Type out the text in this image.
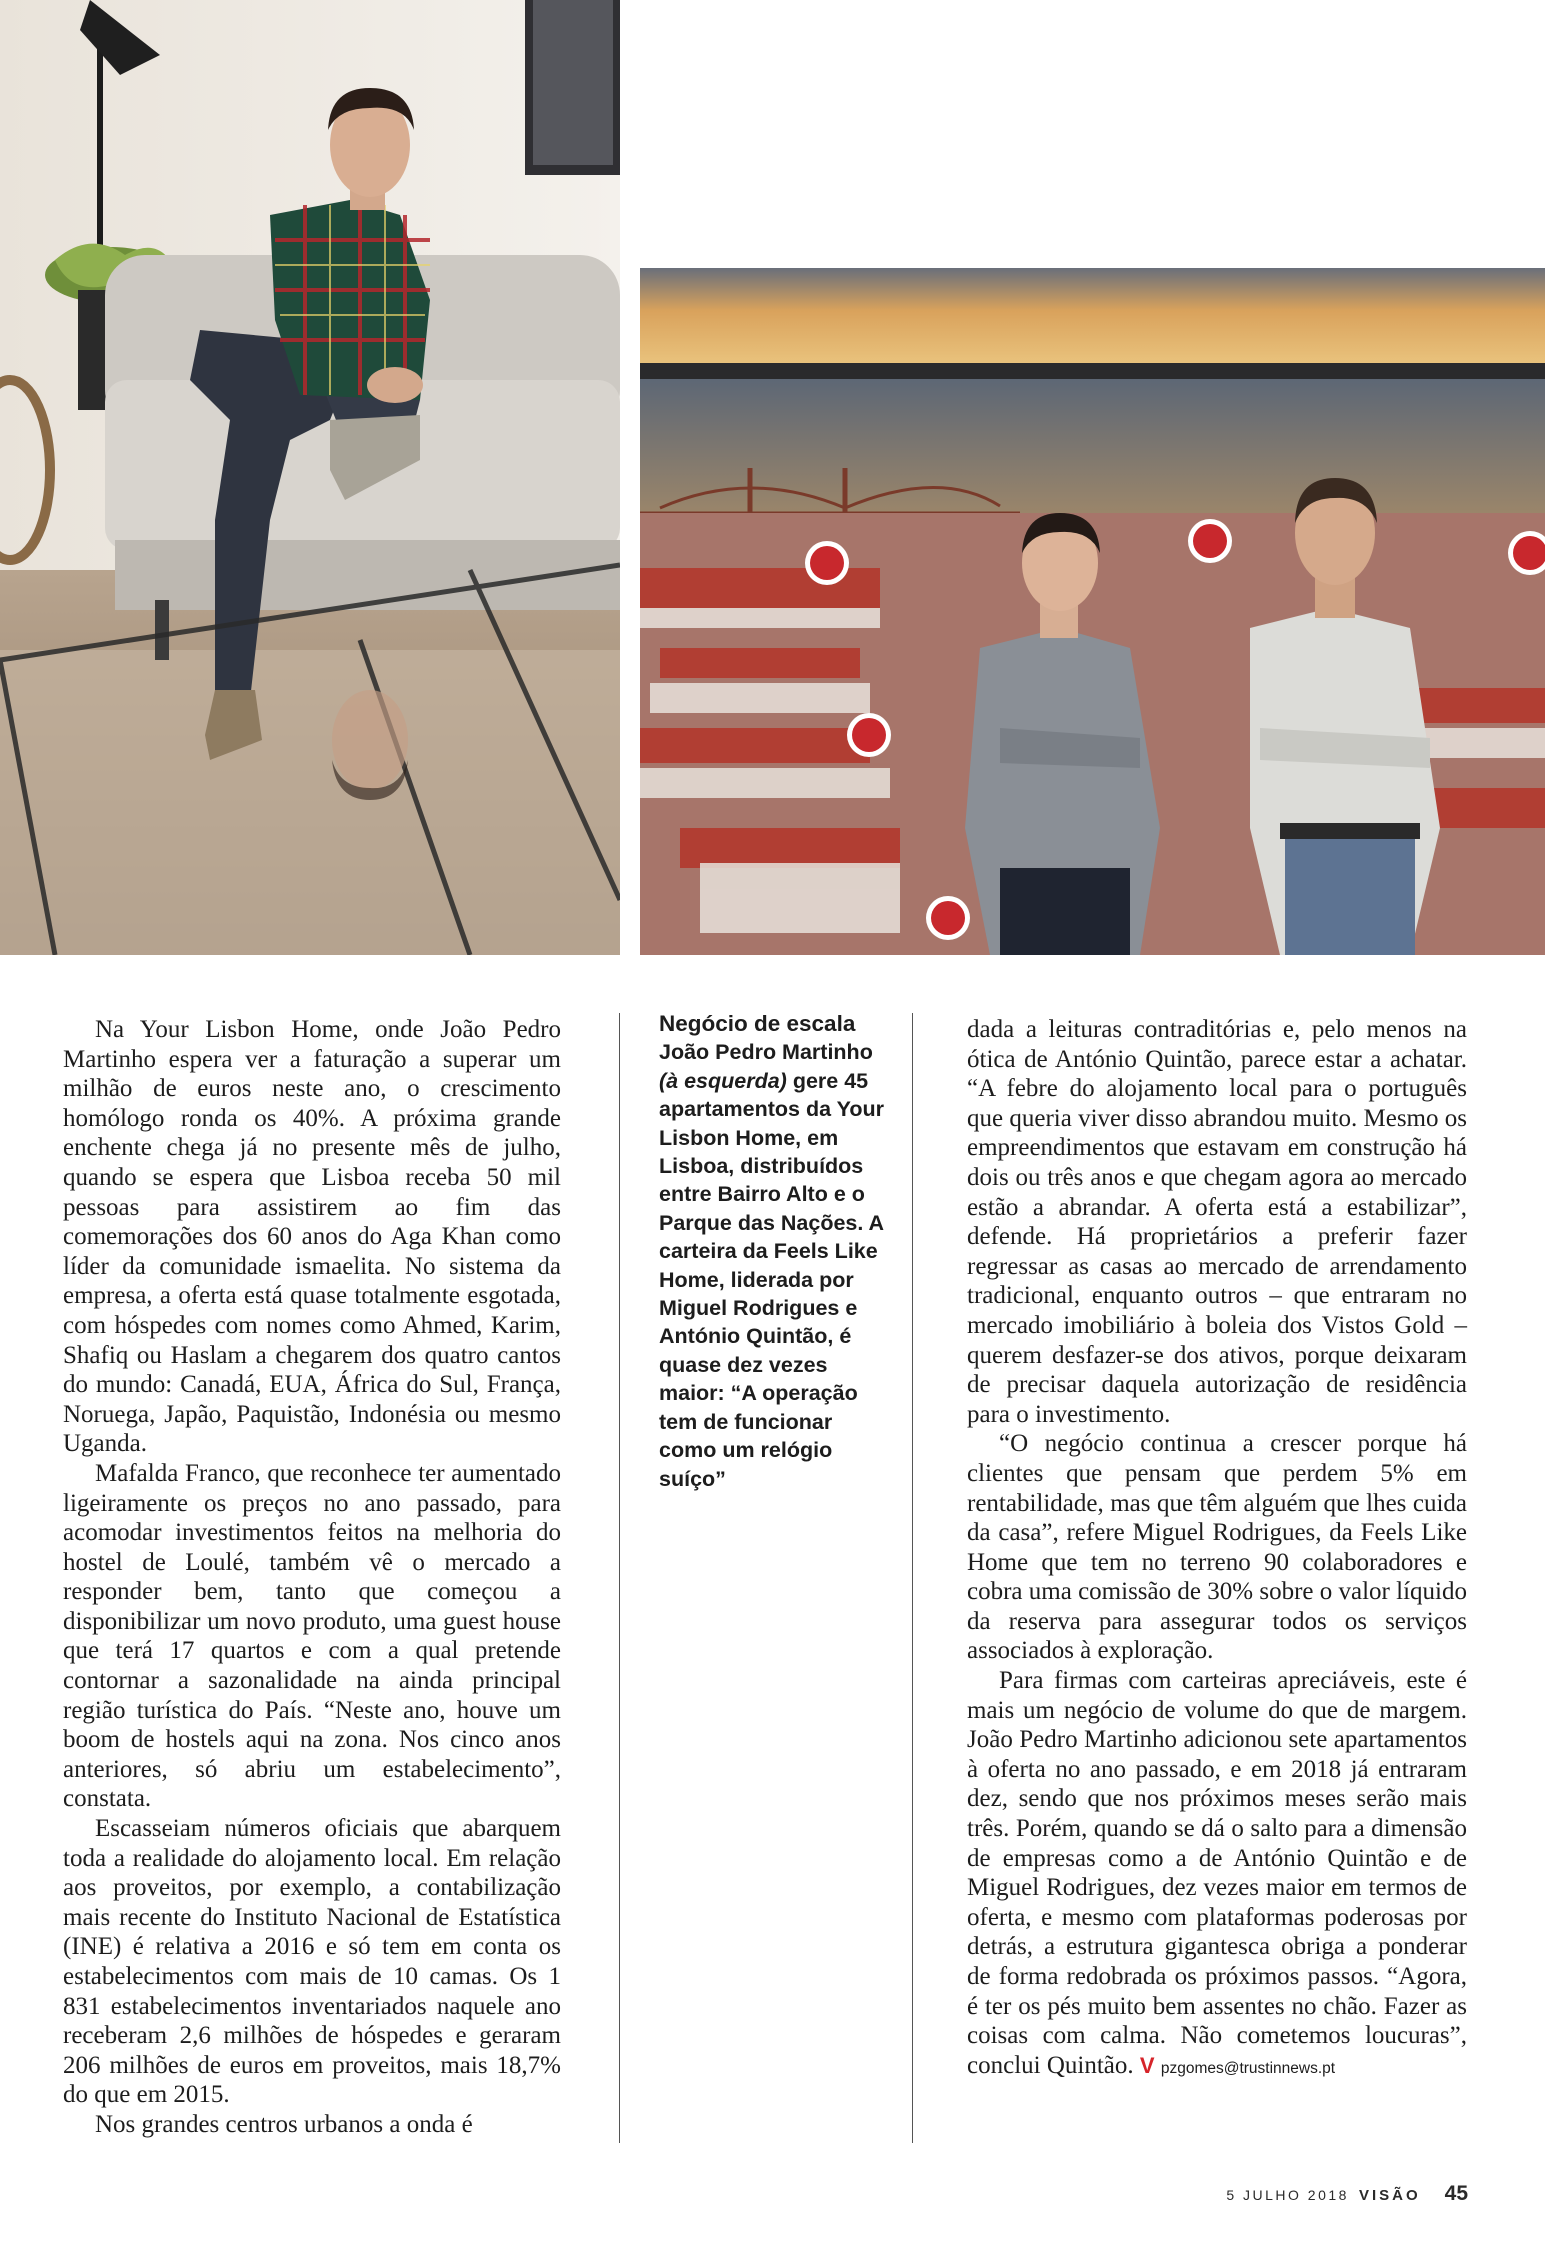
Na Your Lisbon Home, onde João Pedro Martinho espera ver a faturação a superar um milhão de euros neste ano, o crescimento homólogo ronda os 40%. A próxima grande enchente chega já no presente mês de julho, quando se espera que Lisboa receba 50 mil pessoas para assistirem ao fim das comemorações dos 60 anos do Aga Khan como líder da comunidade ismaelita. No sistema da empresa, a oferta está quase totalmente esgotada, com hóspedes com nomes como Ahmed, Karim, Shafiq ou Haslam a chegarem dos quatro cantos do mundo: Canadá, EUA, África do Sul, França, Noruega, Japão, Paquistão, Indonésia ou mesmo Uganda.

Mafalda Franco, que reconhece ter aumentado ligeiramente os preços no ano passado, para acomodar investimentos feitos na melhoria do hostel de Loulé, também vê o mercado a responder bem, tanto que começou a disponibilizar um novo produto, uma guest house que terá 17 quartos e com a qual pretende contornar a sazonalidade na ainda principal região turística do País. “Neste ano, houve um boom de hostels aqui na zona. Nos cinco anos anteriores, só abriu um estabelecimento”, constata.

Escasseiam números oficiais que abarquem toda a realidade do alojamento local. Em relação aos proveitos, por exemplo, a contabilização mais recente do Instituto Nacional de Estatística (INE) é relativa a 2016 e só tem em conta os estabelecimentos com mais de 10 camas. Os 1 831 estabelecimentos inventariados naquele ano receberam 2,6 milhões de hóspedes e geraram 206 milhões de euros em proveitos, mais 18,7% do que em 2015.

Nos grandes centros urbanos a onda é

Negócio de escala João Pedro Martinho (à esquerda) gere 45 apartamentos da Your Lisbon Home, em Lisboa, distribuídos entre Bairro Alto e o Parque das Nações. A carteira da Feels Like Home, liderada por Miguel Rodrigues e António Quintão, é quase dez vezes maior: “A operação tem de funcionar como um relógio suíço”

dada a leituras contraditórias e, pelo menos na ótica de António Quintão, parece estar a achatar. “A febre do alojamento local para o português que queria viver disso abrandou muito. Mesmo os empreendimentos que estavam em construção há dois ou três anos e que chegam agora ao mercado estão a abrandar. A oferta está a estabilizar”, defende. Há proprietários a preferir fazer regressar as casas ao mercado de arrendamento tradicional, enquanto outros – que entraram no mercado imobiliário à boleia dos Vistos Gold – querem desfazer-se dos ativos, porque deixaram de precisar daquela autorização de residência para o investimento.

“O negócio continua a crescer porque há clientes que pensam que perdem 5% em rentabilidade, mas que têm alguém que lhes cuida da casa”, refere Miguel Rodrigues, da Feels Like Home que tem no terreno 90 colaboradores e cobra uma comissão de 30% sobre o valor líquido da reserva para assegurar todos os serviços associados à exploração.

Para firmas com carteiras apreciáveis, este é mais um negócio de volume do que de margem. João Pedro Martinho adicionou sete apartamentos à oferta no ano passado, e em 2018 já entraram dez, sendo que nos próximos meses serão mais três. Porém, quando se dá o salto para a dimensão de empresas como a de António Quintão e de Miguel Rodrigues, dez vezes maior em termos de oferta, e mesmo com plataformas poderosas por detrás, a estrutura gigantesca obriga a ponderar de forma redobrada os próximos passos. “Agora, é ter os pés muito bem assentes no chão. Fazer as coisas com calma. Não cometemos loucuras”, conclui Quintão. V pzgomes@trustinnews.pt

5 JULHO 2018 VISÃO 45
